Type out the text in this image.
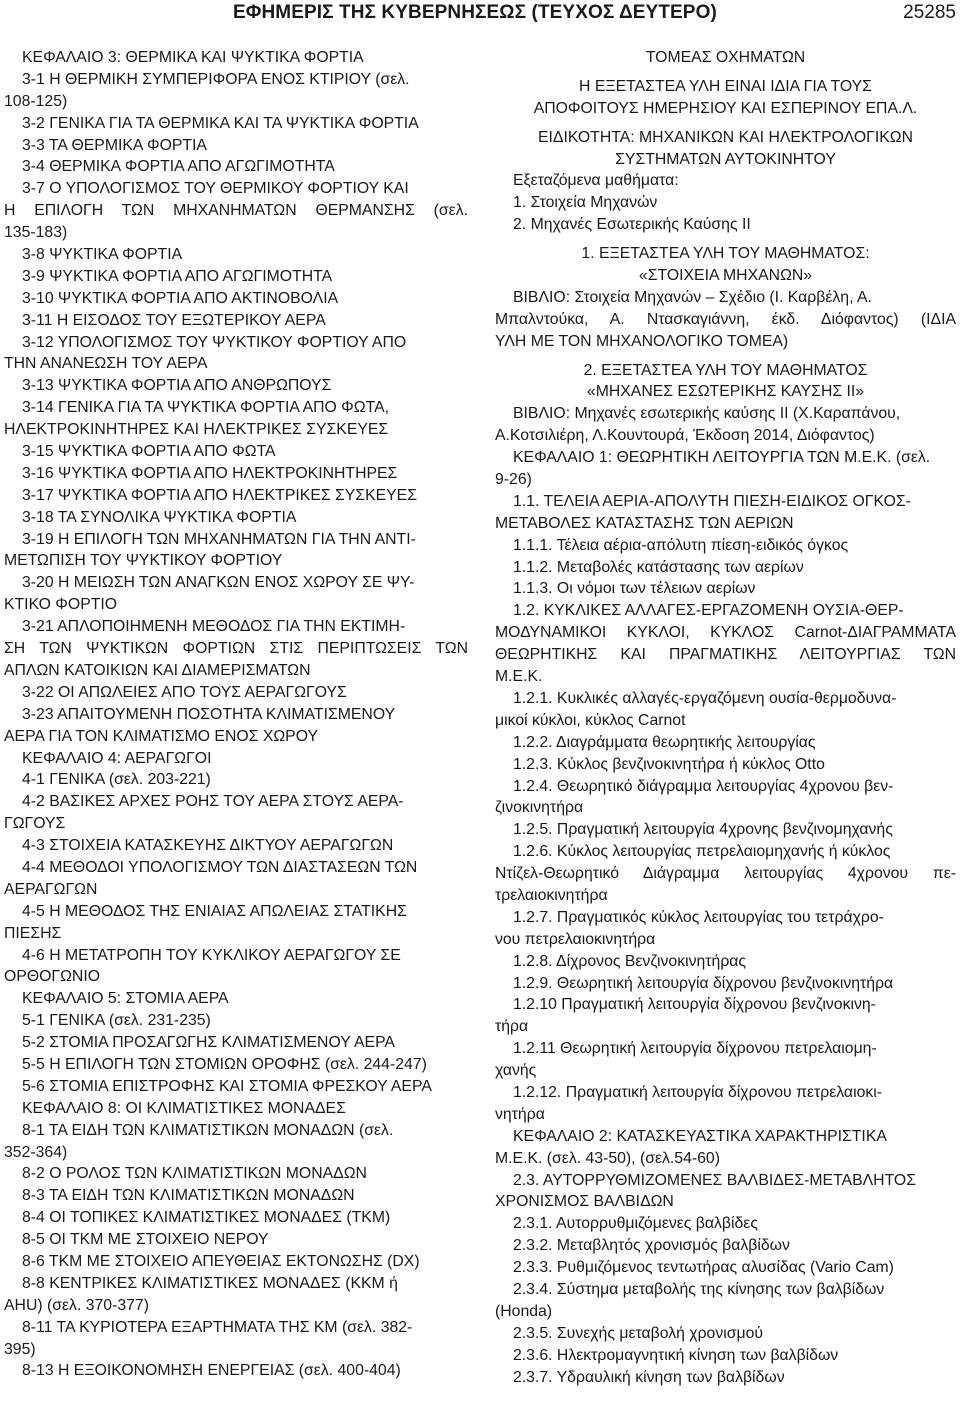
ΕΦΗΜΕΡΙΣ ΤΗΣ ΚΥΒΕΡΝΗΣΕΩΣ (ΤΕΥΧΟΣ ΔΕΥΤΕΡΟ)	25285
ΚΕΦΑΛΑΙΟ 3: ΘΕΡΜΙΚΑ ΚΑΙ ΨΥΚΤΙΚΑ ΦΟΡΤΙΑ
3-1 Η ΘΕΡΜΙΚΗ ΣΥΜΠΕΡΙΦΟΡΑ ΕΝΟΣ ΚΤΙΡΙΟΥ (σελ.
108-125)
3-2 ΓΕΝΙΚΑ ΓΙΑ ΤΑ ΘΕΡΜΙΚΑ ΚΑΙ ΤΑ ΨΥΚΤΙΚΑ ΦΟΡΤΙΑ
3-3 ΤΑ ΘΕΡΜΙΚΑ ΦΟΡΤΙΑ
3-4 ΘΕΡΜΙΚΑ ΦΟΡΤΙΑ ΑΠΟ ΑΓΩΓΙΜΟΤΗΤΑ
3-7 Ο ΥΠΟΛΟΓΙΣΜΟΣ ΤΟΥ ΘΕΡΜΙΚΟΥ ΦΟΡΤΙΟΥ ΚΑΙ
Η ΕΠΙΛΟΓΗ ΤΩΝ ΜΗΧΑΝΗΜΑΤΩΝ ΘΕΡΜΑΝΣΗΣ (σελ.
135-183)
3-8 ΨΥΚΤΙΚΑ ΦΟΡΤΙΑ
3-9 ΨΥΚΤΙΚΑ ΦΟΡΤΙΑ ΑΠΟ ΑΓΩΓΙΜΟΤΗΤΑ
3-10 ΨΥΚΤΙΚΑ ΦΟΡΤΙΑ ΑΠΟ ΑΚΤΙΝΟΒΟΛΙΑ
3-11 Η ΕΙΣΟΔΟΣ ΤΟΥ ΕΞΩΤΕΡΙΚΟΥ ΑΕΡΑ
3-12 ΥΠΟΛΟΓΙΣΜΟΣ ΤΟΥ ΨΥΚΤΙΚΟΥ ΦΟΡΤΙΟΥ ΑΠΟ
ΤΗΝ ΑΝΑΝΕΩΣΗ ΤΟΥ ΑΕΡΑ
3-13 ΨΥΚΤΙΚΑ ΦΟΡΤΙΑ ΑΠΟ ΑΝΘΡΩΠΟΥΣ
3-14 ΓΕΝΙΚΑ ΓΙΑ ΤΑ ΨΥΚΤΙΚΑ ΦΟΡΤΙΑ ΑΠΟ ΦΩΤΑ,
ΗΛΕΚΤΡΟΚΙΝΗΤΗΡΕΣ ΚΑΙ ΗΛΕΚΤΡΙΚΕΣ ΣΥΣΚΕΥΕΣ
3-15 ΨΥΚΤΙΚΑ ΦΟΡΤΙΑ ΑΠΟ ΦΩΤΑ
3-16 ΨΥΚΤΙΚΑ ΦΟΡΤΙΑ ΑΠΟ ΗΛΕΚΤΡΟΚΙΝΗΤΗΡΕΣ
3-17 ΨΥΚΤΙΚΑ ΦΟΡΤΙΑ ΑΠΟ ΗΛΕΚΤΡΙΚΕΣ ΣΥΣΚΕΥΕΣ
3-18 ΤΑ ΣΥΝΟΛΙΚΑ ΨΥΚΤΙΚΑ ΦΟΡΤΙΑ
3-19 Η ΕΠΙΛΟΓΗ ΤΩΝ ΜΗΧΑΝΗΜΑΤΩΝ ΓΙΑ ΤΗΝ ΑΝΤΙ-
ΜΕΤΩΠΙΣΗ ΤΟΥ ΨΥΚΤΙΚΟΥ ΦΟΡΤΙΟΥ
3-20 Η ΜΕΙΩΣΗ ΤΩΝ ΑΝΑΓΚΩΝ ΕΝΟΣ ΧΩΡΟΥ ΣΕ ΨΥ-
ΚΤΙΚΟ ΦΟΡΤΙΟ
3-21 ΑΠΛΟΠΟΙΗΜΕΝΗ ΜΕΘΟΔΟΣ ΓΙΑ ΤΗΝ ΕΚΤΙΜΗ-
ΣΗ ΤΩΝ ΨΥΚΤΙΚΩΝ ΦΟΡΤΙΩΝ ΣΤΙΣ ΠΕΡΙΠΤΩΣΕΙΣ ΤΩΝ
ΑΠΛΩΝ ΚΑΤΟΙΚΙΩΝ ΚΑΙ ΔΙΑΜΕΡΙΣΜΑΤΩΝ
3-22 ΟΙ ΑΠΩΛΕΙΕΣ ΑΠΟ ΤΟΥΣ ΑΕΡΑΓΩΓΟΥΣ
3-23 ΑΠΑΙΤΟΥΜΕΝΗ ΠΟΣΟΤΗΤΑ ΚΛΙΜΑΤΙΣΜΕΝΟΥ
ΑΕΡΑ ΓΙΑ ΤΟΝ ΚΛΙΜΑΤΙΣΜΟ ΕΝΟΣ ΧΩΡΟΥ
ΚΕΦΑΛΑΙΟ 4: ΑΕΡΑΓΩΓΟΙ
4-1 ΓΕΝΙΚΑ (σελ. 203-221)
4-2 ΒΑΣΙΚΕΣ ΑΡΧΕΣ ΡΟΗΣ ΤΟΥ ΑΕΡΑ ΣΤΟΥΣ ΑΕΡΑ-
ΓΩΓΟΥΣ
4-3 ΣΤΟΙΧΕΙΑ ΚΑΤΑΣΚΕΥΗΣ ΔΙΚΤΥΟΥ ΑΕΡΑΓΩΓΩΝ
4-4 ΜΕΘΟΔΟΙ ΥΠΟΛΟΓΙΣΜΟΥ ΤΩΝ ΔΙΑΣΤΑΣΕΩΝ ΤΩΝ
ΑΕΡΑΓΩΓΩΝ
4-5 Η ΜΕΘΟΔΟΣ ΤΗΣ ΕΝΙΑΙΑΣ ΑΠΩΛΕΙΑΣ ΣΤΑΤΙΚΗΣ
ΠΙΕΣΗΣ
4-6 Η ΜΕΤΑΤΡΟΠΗ ΤΟΥ ΚΥΚΛΙΚΟΥ ΑΕΡΑΓΩΓΟΥ ΣΕ
ΟΡΘΟΓΩΝΙΟ
ΚΕΦΑΛΑΙΟ 5: ΣΤΟΜΙΑ ΑΕΡΑ
5-1 ΓΕΝΙΚΑ (σελ. 231-235)
5-2 ΣΤΟΜΙΑ ΠΡΟΣΑΓΩΓΗΣ ΚΛΙΜΑΤΙΣΜΕΝΟΥ ΑΕΡΑ
5-5 Η ΕΠΙΛΟΓΗ ΤΩΝ ΣΤΟΜΙΩΝ ΟΡΟΦΗΣ (σελ. 244-247)
5-6 ΣΤΟΜΙΑ ΕΠΙΣΤΡΟΦΗΣ ΚΑΙ ΣΤΟΜΙΑ ΦΡΕΣΚΟΥ ΑΕΡΑ
ΚΕΦΑΛΑΙΟ 8: ΟΙ ΚΛΙΜΑΤΙΣΤΙΚΕΣ ΜΟΝΑΔΕΣ
8-1 ΤΑ ΕΙΔΗ ΤΩΝ ΚΛΙΜΑΤΙΣΤΙΚΩΝ ΜΟΝΑΔΩΝ (σελ.
352-364)
8-2 Ο ΡΟΛΟΣ ΤΩΝ ΚΛΙΜΑΤΙΣΤΙΚΩΝ ΜΟΝΑΔΩΝ
8-3 ΤΑ ΕΙΔΗ ΤΩΝ ΚΛΙΜΑΤΙΣΤΙΚΩΝ ΜΟΝΑΔΩΝ
8-4 ΟΙ ΤΟΠΙΚΕΣ ΚΛΙΜΑΤΙΣΤΙΚΕΣ ΜΟΝΑΔΕΣ (ΤΚΜ)
8-5 ΟΙ ΤΚΜ ΜΕ ΣΤΟΙΧΕΙΟ ΝΕΡΟΥ
8-6 ΤΚΜ ΜΕ ΣΤΟΙΧΕΙΟ ΑΠΕΥΘΕΙΑΣ ΕΚΤΟΝΩΣΗΣ (DX)
8-8 ΚΕΝΤΡΙΚΕΣ ΚΛΙΜΑΤΙΣΤΙΚΕΣ ΜΟΝΑΔΕΣ (ΚΚΜ ή
AHU) (σελ. 370-377)
8-11 ΤΑ ΚΥΡΙΟΤΕΡΑ ΕΞΑΡΤΗΜΑΤΑ ΤΗΣ ΚΜ (σελ. 382-
395)
8-13 Η ΕΞΟΙΚΟΝΟΜΗΣΗ ΕΝΕΡΓΕΙΑΣ (σελ. 400-404)
ΤΟΜΕΑΣ ΟΧΗΜΑΤΩΝ
Η ΕΞΕΤΑΣΤΕΑ ΥΛΗ ΕΙΝΑΙ ΙΔΙΑ ΓΙΑ ΤΟΥΣ
ΑΠΟΦΟΙΤΟΥΣ ΗΜΕΡΗΣΙΟΥ ΚΑΙ ΕΣΠΕΡΙΝΟΥ ΕΠΑ.Λ.
ΕΙΔΙΚΟΤΗΤΑ: ΜΗΧΑΝΙΚΩΝ ΚΑΙ ΗΛΕΚΤΡΟΛΟΓΙΚΩΝ
ΣΥΣΤΗΜΑΤΩΝ ΑΥΤΟΚΙΝΗΤΟΥ
Εξεταζόμενα μαθήματα:
1. Στοιχεία Μηχανών
2. Μηχανές Εσωτερικής Καύσης ΙΙ
1. ΕΞΕΤΑΣΤΕΑ ΥΛΗ ΤΟΥ ΜΑΘΗΜΑΤΟΣ:
«ΣΤΟΙΧΕΙΑ ΜΗΧΑΝΩΝ»
ΒΙΒΛΙΟ: Στοιχεία Μηχανών – Σχέδιο (Ι. Καρβέλη, Α.
Μπαλντούκα, Α. Ντασκαγιάννη, έκδ. Διόφαντος) (ΙΔΙΑ
ΥΛΗ ΜΕ ΤΟΝ ΜΗΧΑΝΟΛΟΓΙΚΟ ΤΟΜΕΑ)
2. ΕΞΕΤΑΣΤΕΑ ΥΛΗ ΤΟΥ ΜΑΘΗΜΑΤΟΣ
«ΜΗΧΑΝΕΣ ΕΣΩΤΕΡΙΚΗΣ ΚΑΥΣΗΣ ΙΙ»
ΒΙΒΛΙΟ: Μηχανές εσωτερικής καύσης ΙΙ (Χ.Καραπάνου,
Α.Κοτσιλιέρη, Λ.Κουντουρά, Έκδοση 2014, Διόφαντος)
ΚΕΦΑΛΑΙΟ 1: ΘΕΩΡΗΤΙΚΗ ΛΕΙΤΟΥΡΓΙΑ ΤΩΝ Μ.Ε.Κ. (σελ.
9-26)
1.1. ΤΕΛΕΙΑ ΑΕΡΙΑ-ΑΠΟΛΥΤΗ ΠΙΕΣΗ-ΕΙΔΙΚΟΣ ΟΓΚΟΣ-
ΜΕΤΑΒΟΛΕΣ ΚΑΤΑΣΤΑΣΗΣ ΤΩΝ ΑΕΡΙΩΝ
1.1.1. Τέλεια αέρια-απόλυτη πίεση-ειδικός όγκος
1.1.2. Μεταβολές κατάστασης των αερίων
1.1.3. Οι νόμοι των τέλειων αερίων
1.2. ΚΥΚΛΙΚΕΣ ΑΛΛΑΓΕΣ-ΕΡΓΑΖΟΜΕΝΗ ΟΥΣΙΑ-ΘΕΡ-
ΜΟΔΥΝΑΜΙΚΟΙ ΚΥΚΛΟΙ, ΚΥΚΛΟΣ Carnot-ΔΙΑΓΡΑΜΜΑΤΑ
ΘΕΩΡΗΤΙΚΗΣ ΚΑΙ ΠΡΑΓΜΑΤΙΚΗΣ ΛΕΙΤΟΥΡΓΙΑΣ ΤΩΝ
Μ.Ε.Κ.
1.2.1. Κυκλικές αλλαγές-εργαζόμενη ουσία-θερμοδυνα-
μικοί κύκλοι, κύκλος Carnot
1.2.2. Διαγράμματα θεωρητικής λειτουργίας
1.2.3. Κύκλος βενζινοκινητήρα ή κύκλος Otto
1.2.4. Θεωρητικό διάγραμμα λειτουργίας 4χρονου βεν-
ζινοκινητήρα
1.2.5. Πραγματική λειτουργία 4χρονης βενζινομηχανής
1.2.6. Κύκλος λειτουργίας πετρελαιομηχανής ή κύκλος
Ντίζελ-Θεωρητικό Διάγραμμα λειτουργίας 4χρονου πε-
τρελαιοκινητήρα
1.2.7. Πραγματικός κύκλος λειτουργίας του τετράχρο-
νου πετρελαιοκινητήρα
1.2.8. Δίχρονος Βενζινοκινητήρας
1.2.9. Θεωρητική λειτουργία δίχρονου βενζινοκινητήρα
1.2.10 Πραγματική λειτουργία δίχρονου βενζινοκινη-
τήρα
1.2.11 Θεωρητική λειτουργία δίχρονου πετρελαιομη-
χανής
1.2.12. Πραγματική λειτουργία δίχρονου πετρελαιοκι-
νητήρα
ΚΕΦΑΛΑΙΟ 2: ΚΑΤΑΣΚΕΥΑΣΤΙΚΑ ΧΑΡΑΚΤΗΡΙΣΤΙΚΑ
Μ.Ε.Κ. (σελ. 43-50), (σελ.54-60)
2.3. ΑΥΤΟΡΡΥΘΜΙΖΟΜΕΝΕΣ ΒΑΛΒΙΔΕΣ-ΜΕΤΑΒΛΗΤΟΣ
ΧΡΟΝΙΣΜΟΣ ΒΑΛΒΙΔΩΝ
2.3.1. Αυτορρυθμιζόμενες βαλβίδες
2.3.2. Μεταβλητός χρονισμός βαλβίδων
2.3.3. Ρυθμιζόμενος τεντωτήρας αλυσίδας (Vario Cam)
2.3.4. Σύστημα μεταβολής της κίνησης των βαλβίδων
(Honda)
2.3.5. Συνεχής μεταβολή χρονισμού
2.3.6. Ηλεκτρομαγνητική κίνηση των βαλβίδων
2.3.7. Υδραυλική κίνηση των βαλβίδων
